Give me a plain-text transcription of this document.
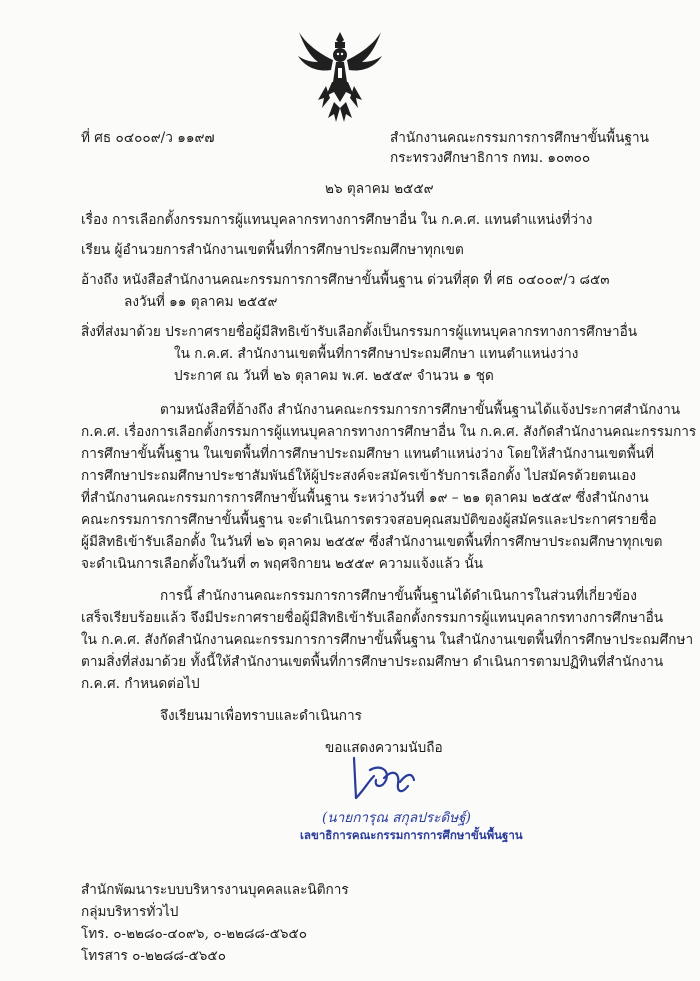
ที่ ศธ ๐๔๐๐๙/ว ๑๑๙๗	สำนักงานคณะกรรมการการศึกษาขั้นพื้นฐาน
กระทรวงศึกษาธิการ กทม. ๑๐๓๐๐
๒๖ ตุลาคม ๒๕๕๙
เรื่อง การเลือกตั้งกรรมการผู้แทนบุคลากรทางการศึกษาอื่น ใน ก.ค.ศ. แทนตำแหน่งที่ว่าง
เรียน ผู้อำนวยการสำนักงานเขตพื้นที่การศึกษาประถมศึกษาทุกเขต
อ้างถึง หนังสือสำนักงานคณะกรรมการการศึกษาขั้นพื้นฐาน ด่วนที่สุด ที่ ศธ ๐๔๐๐๙/ว ๘๕๓
ลงวันที่ ๑๑ ตุลาคม ๒๕๕๙
สิ่งที่ส่งมาด้วย ประกาศรายชื่อผู้มีสิทธิเข้ารับเลือกตั้งเป็นกรรมการผู้แทนบุคลากรทางการศึกษาอื่น
ใน ก.ค.ศ. สำนักงานเขตพื้นที่การศึกษาประถมศึกษา แทนตำแหน่งว่าง
ประกาศ ณ วันที่ ๒๖ ตุลาคม พ.ศ. ๒๕๕๙ จำนวน ๑ ชุด
ตามหนังสือที่อ้างถึง สำนักงานคณะกรรมการการศึกษาขั้นพื้นฐานได้แจ้งประกาศสำนักงาน
ก.ค.ศ. เรื่องการเลือกตั้งกรรมการผู้แทนบุคลากรทางการศึกษาอื่น ใน ก.ค.ศ. สังกัดสำนักงานคณะกรรมการ
การศึกษาขั้นพื้นฐาน ในเขตพื้นที่การศึกษาประถมศึกษา แทนตำแหน่งว่าง โดยให้สำนักงานเขตพื้นที่
การศึกษาประถมศึกษาประชาสัมพันธ์ให้ผู้ประสงค์จะสมัครเข้ารับการเลือกตั้ง ไปสมัครด้วยตนเอง
ที่สำนักงานคณะกรรมการการศึกษาขั้นพื้นฐาน ระหว่างวันที่ ๑๙ – ๒๑ ตุลาคม ๒๕๕๙ ซึ่งสำนักงาน
คณะกรรมการการศึกษาขั้นพื้นฐาน จะดำเนินการตรวจสอบคุณสมบัติของผู้สมัครและประกาศรายชื่อ
ผู้มีสิทธิเข้ารับเลือกตั้ง ในวันที่ ๒๖ ตุลาคม ๒๕๕๙ ซึ่งสำนักงานเขตพื้นที่การศึกษาประถมศึกษาทุกเขต
จะดำเนินการเลือกตั้งในวันที่ ๓ พฤศจิกายน ๒๕๕๙ ความแจ้งแล้ว นั้น
การนี้ สำนักงานคณะกรรมการการศึกษาขั้นพื้นฐานได้ดำเนินการในส่วนที่เกี่ยวข้อง
เสร็จเรียบร้อยแล้ว จึงมีประกาศรายชื่อผู้มีสิทธิเข้ารับเลือกตั้งกรรมการผู้แทนบุคลากรทางการศึกษาอื่น
ใน ก.ค.ศ. สังกัดสำนักงานคณะกรรมการการศึกษาขั้นพื้นฐาน ในสำนักงานเขตพื้นที่การศึกษาประถมศึกษา
ตามสิ่งที่ส่งมาด้วย ทั้งนี้ให้สำนักงานเขตพื้นที่การศึกษาประถมศึกษา ดำเนินการตามปฏิทินที่สำนักงาน
ก.ค.ศ. กำหนดต่อไป
จึงเรียนมาเพื่อทราบและดำเนินการ
ขอแสดงความนับถือ
(นายการุณ สกุลประดิษฐ์)
เลขาธิการคณะกรรมการการศึกษาขั้นพื้นฐาน
สำนักพัฒนาระบบบริหารงานบุคคลและนิติการ
กลุ่มบริหารทั่วไป
โทร. ๐-๒๒๘๐-๔๐๙๖, ๐-๒๒๘๘-๕๖๕๐
โทรสาร ๐-๒๒๘๘-๕๖๕๐
